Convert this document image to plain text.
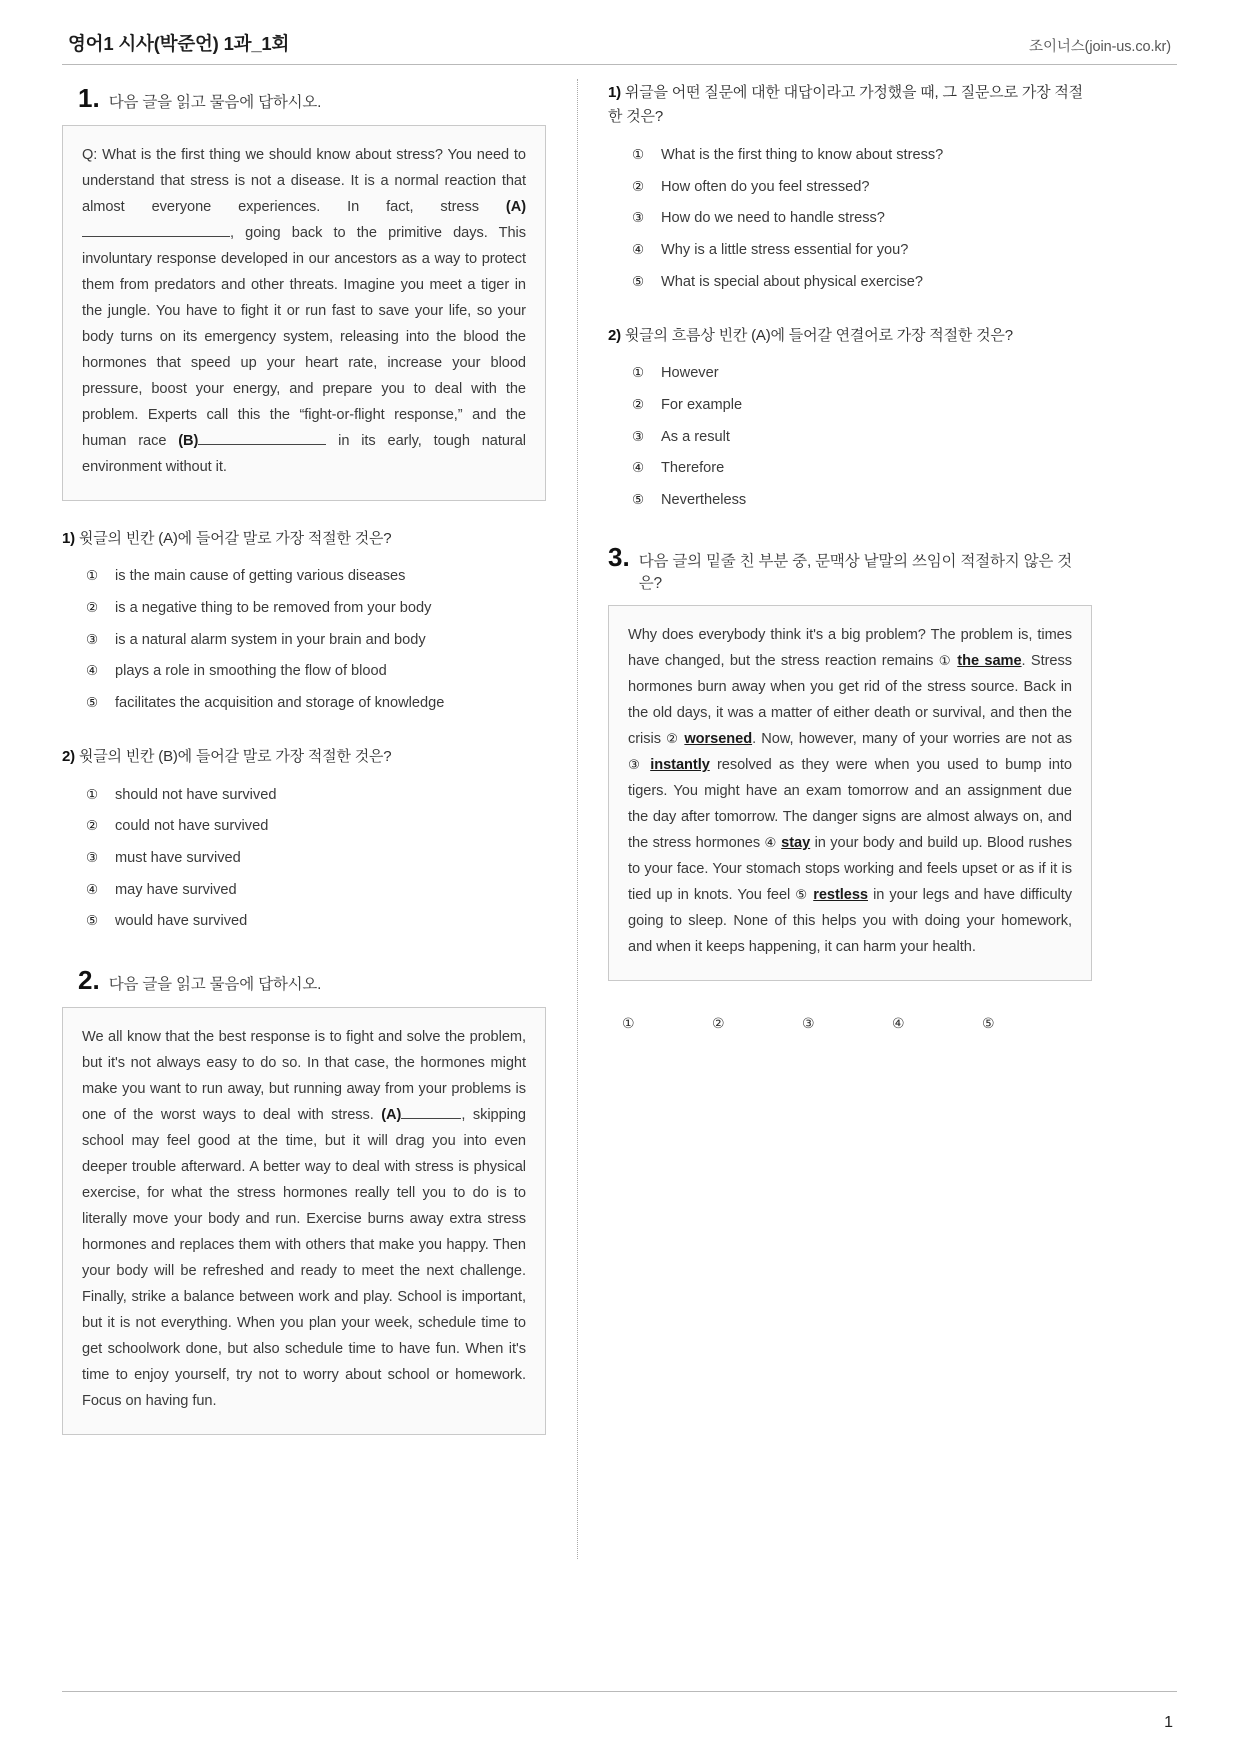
영어1 시사(박준언) 1과_1회	조이너스(join-us.co.kr)
1. 다음 글을 읽고 물음에 답하시오.
Q: What is the first thing we should know about stress? You need to understand that stress is not a disease. It is a normal reaction that almost everyone experiences. In fact, stress (A), going back to the primitive days. This involuntary response developed in our ancestors as a way to protect them from predators and other threats. Imagine you meet a tiger in the jungle. You have to fight it or run fast to save your life, so your body turns on its emergency system, releasing into the blood the hormones that speed up your heart rate, increase your blood pressure, boost your energy, and prepare you to deal with the problem. Experts call this the “fight-or-flight response,” and the human race (B)	in its early, tough natural environment without it.
1) 윗글의 빈칸 (A)에 들어갈 말로 가장 적절한 것은?
① is the main cause of getting various diseases
② is a negative thing to be removed from your body
③ is a natural alarm system in your brain and body
④ plays a role in smoothing the flow of blood
⑤ facilitates the acquisition and storage of knowledge
2) 윗글의 빈칸 (B)에 들어갈 말로 가장 적절한 것은?
① should not have survived
② could not have survived
③ must have survived
④ may have survived
⑤ would have survived
2. 다음 글을 읽고 물음에 답하시오.
We all know that the best response is to fight and solve the problem, but it's not always easy to do so. In that case, the hormones might make you want to run away, but running away from your problems is one of the worst ways to deal with stress. (A)	, skipping school may feel good at the time, but it will drag you into even deeper trouble afterward. A better way to deal with stress is physical exercise, for what the stress hormones really tell you to do is to literally move your body and run. Exercise burns away extra stress hormones and replaces them with others that make you happy. Then your body will be refreshed and ready to meet the next challenge. Finally, strike a balance between work and play. School is important, but it is not everything. When you plan your week, schedule time to get schoolwork done, but also schedule time to have fun. When it's time to enjoy yourself, try not to worry about school or homework. Focus on having fun.
1) 위글을 어떤 질문에 대한 대답이라고 가정했을 때, 그 질문으로 가장 적절한 것은?
① What is the first thing to know about stress?
② How often do you feel stressed?
③ How do we need to handle stress?
④ Why is a little stress essential for you?
⑤ What is special about physical exercise?
2) 윗글의 흐름상 빈칸 (A)에 들어갈 연결어로 가장 적절한 것은?
① However
② For example
③ As a result
④ Therefore
⑤ Nevertheless
3. 다음 글의 밑줄 친 부분 중, 문맥상 낱말의 쓰임이 적절하지 않은 것은?
Why does everybody think it's a big problem? The problem is, times have changed, but the stress reaction remains ① the same. Stress hormones burn away when you get rid of the stress source. Back in the old days, it was a matter of either death or survival, and then the crisis ② worsened. Now, however, many of your worries are not as ③ instantly resolved as they were when you used to bump into tigers. You might have an exam tomorrow and an assignment due the day after tomorrow. The danger signs are almost always on, and the stress hormones ④ stay in your body and build up. Blood rushes to your face. Your stomach stops working and feels upset or as if it is tied up in knots. You feel ⑤ restless in your legs and have difficulty going to sleep. None of this helps you with doing your homework, and when it keeps happening, it can harm your health.
①	②	③	④	⑤
1
